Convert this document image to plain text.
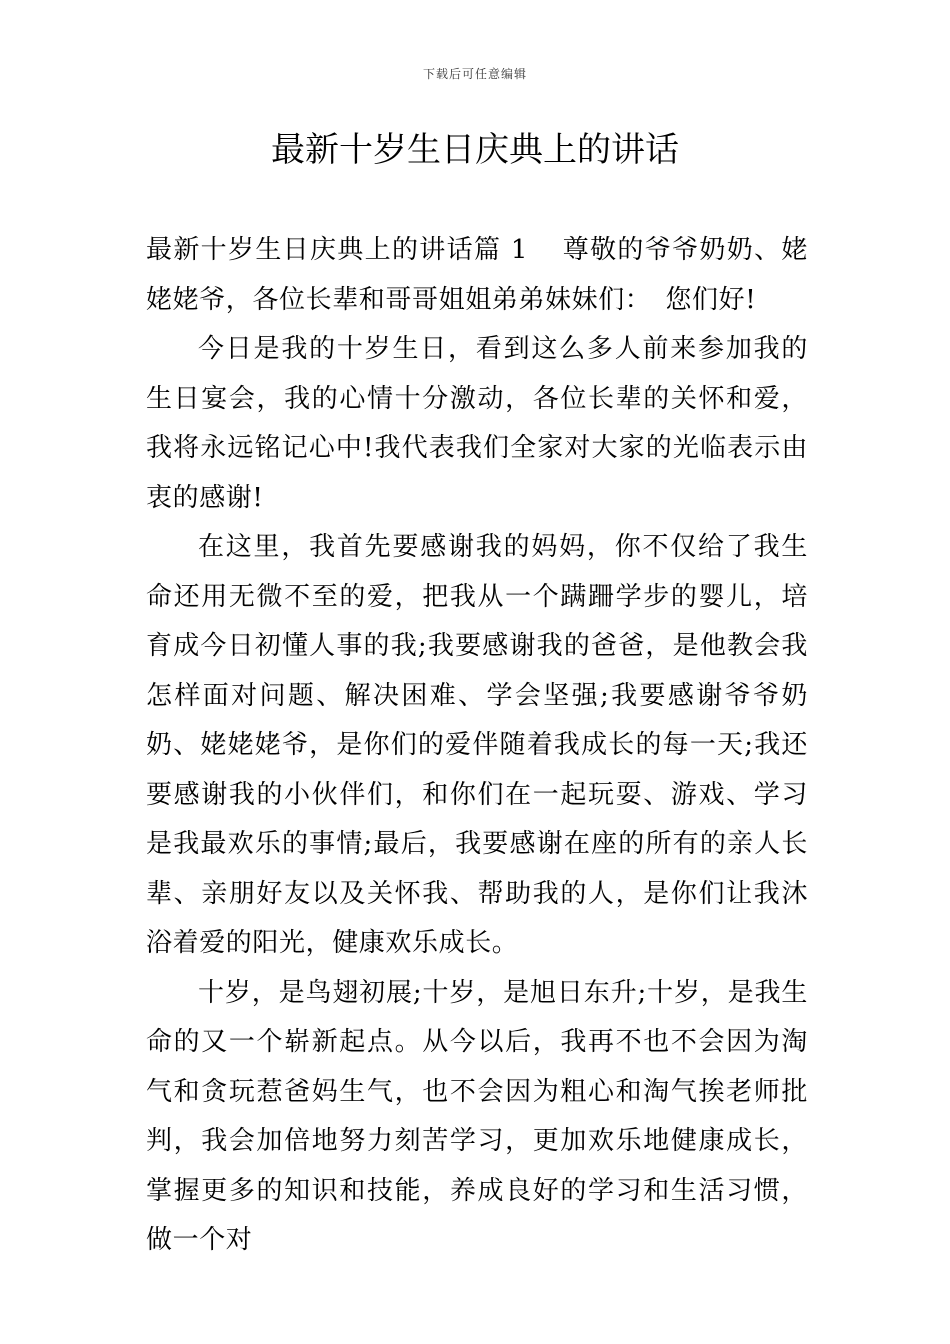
下载后可任意编辑
最新十岁生日庆典上的讲话

最新十岁生日庆典上的讲话篇 1 尊敬的爷爷奶奶、姥姥姥爷，各位长辈和哥哥姐姐弟弟妹妹们： 您们好!

今日是我的十岁生日，看到这么多人前来参加我的生日宴会，我的心情十分激动，各位长辈的关怀和爱，我将永远铭记心中!我代表我们全家对大家的光临表示由衷的感谢!

在这里，我首先要感谢我的妈妈，你不仅给了我生命还用无微不至的爱，把我从一个蹒跚学步的婴儿，培育成今日初懂人事的我;我要感谢我的爸爸，是他教会我怎样面对问题、解决困难、学会坚强;我要感谢爷爷奶奶、姥姥姥爷，是你们的爱伴随着我成长的每一天;我还要感谢我的小伙伴们，和你们在一起玩耍、游戏、学习是我最欢乐的事情;最后，我要感谢在座的所有的亲人长辈、亲朋好友以及关怀我、帮助我的人，是你们让我沐浴着爱的阳光，健康欢乐成长。

十岁，是鸟翅初展;十岁，是旭日东升;十岁，是我生命的又一个崭新起点。从今以后，我再不也不会因为淘气和贪玩惹爸妈生气，也不会因为粗心和淘气挨老师批判，我会加倍地努力刻苦学习，更加欢乐地健康成长，掌握更多的知识和技能，养成良好的学习和生活习惯，做一个对
